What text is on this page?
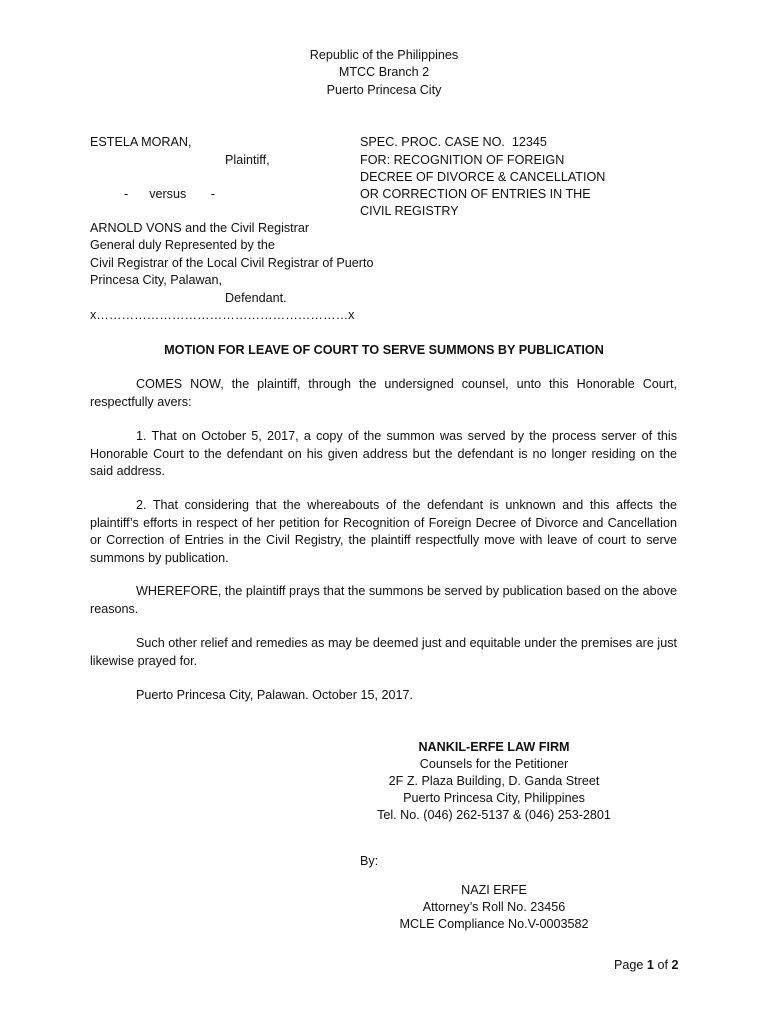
Republic of the Philippines
MTCC Branch 2
Puerto Princesa City
ESTELA MORAN,
Plaintiff,
-      versus       -
ARNOLD VONS and the Civil Registrar
General duly Represented by the
Civil Registrar of the Local Civil Registrar of Puerto
Princesa City, Palawan,
Defendant.
x……………………………………………………x
SPEC. PROC. CASE NO.  12345
FOR: RECOGNITION OF FOREIGN
DECREE OF DIVORCE & CANCELLATION
OR CORRECTION OF ENTRIES IN THE
CIVIL REGISTRY
MOTION FOR LEAVE OF COURT TO SERVE SUMMONS BY PUBLICATION
COMES NOW, the plaintiff, through the undersigned counsel, unto this Honorable Court, respectfully avers:
1. That on October 5, 2017, a copy of the summon was served by the process server of this Honorable Court to the defendant on his given address but the defendant is no longer residing on the said address.
2. That considering that the whereabouts of the defendant is unknown and this affects the plaintiff’s efforts in respect of her petition for Recognition of Foreign Decree of Divorce and Cancellation or Correction of Entries in the Civil Registry, the plaintiff respectfully move with leave of court to serve summons by publication.
WHEREFORE, the plaintiff prays that the summons be served by publication based on the above reasons.
Such other relief and remedies as may be deemed just and equitable under the premises are just likewise prayed for.
Puerto Princesa City, Palawan. October 15, 2017.
NANKIL-ERFE LAW FIRM
Counsels for the Petitioner
2F Z. Plaza Building, D. Ganda Street
Puerto Princesa City, Philippines
Tel. No. (046) 262-5137 & (046) 253-2801
By:
NAZI ERFE
Attorney’s Roll No. 23456
MCLE Compliance No.V-0003582
Page 1 of 2
